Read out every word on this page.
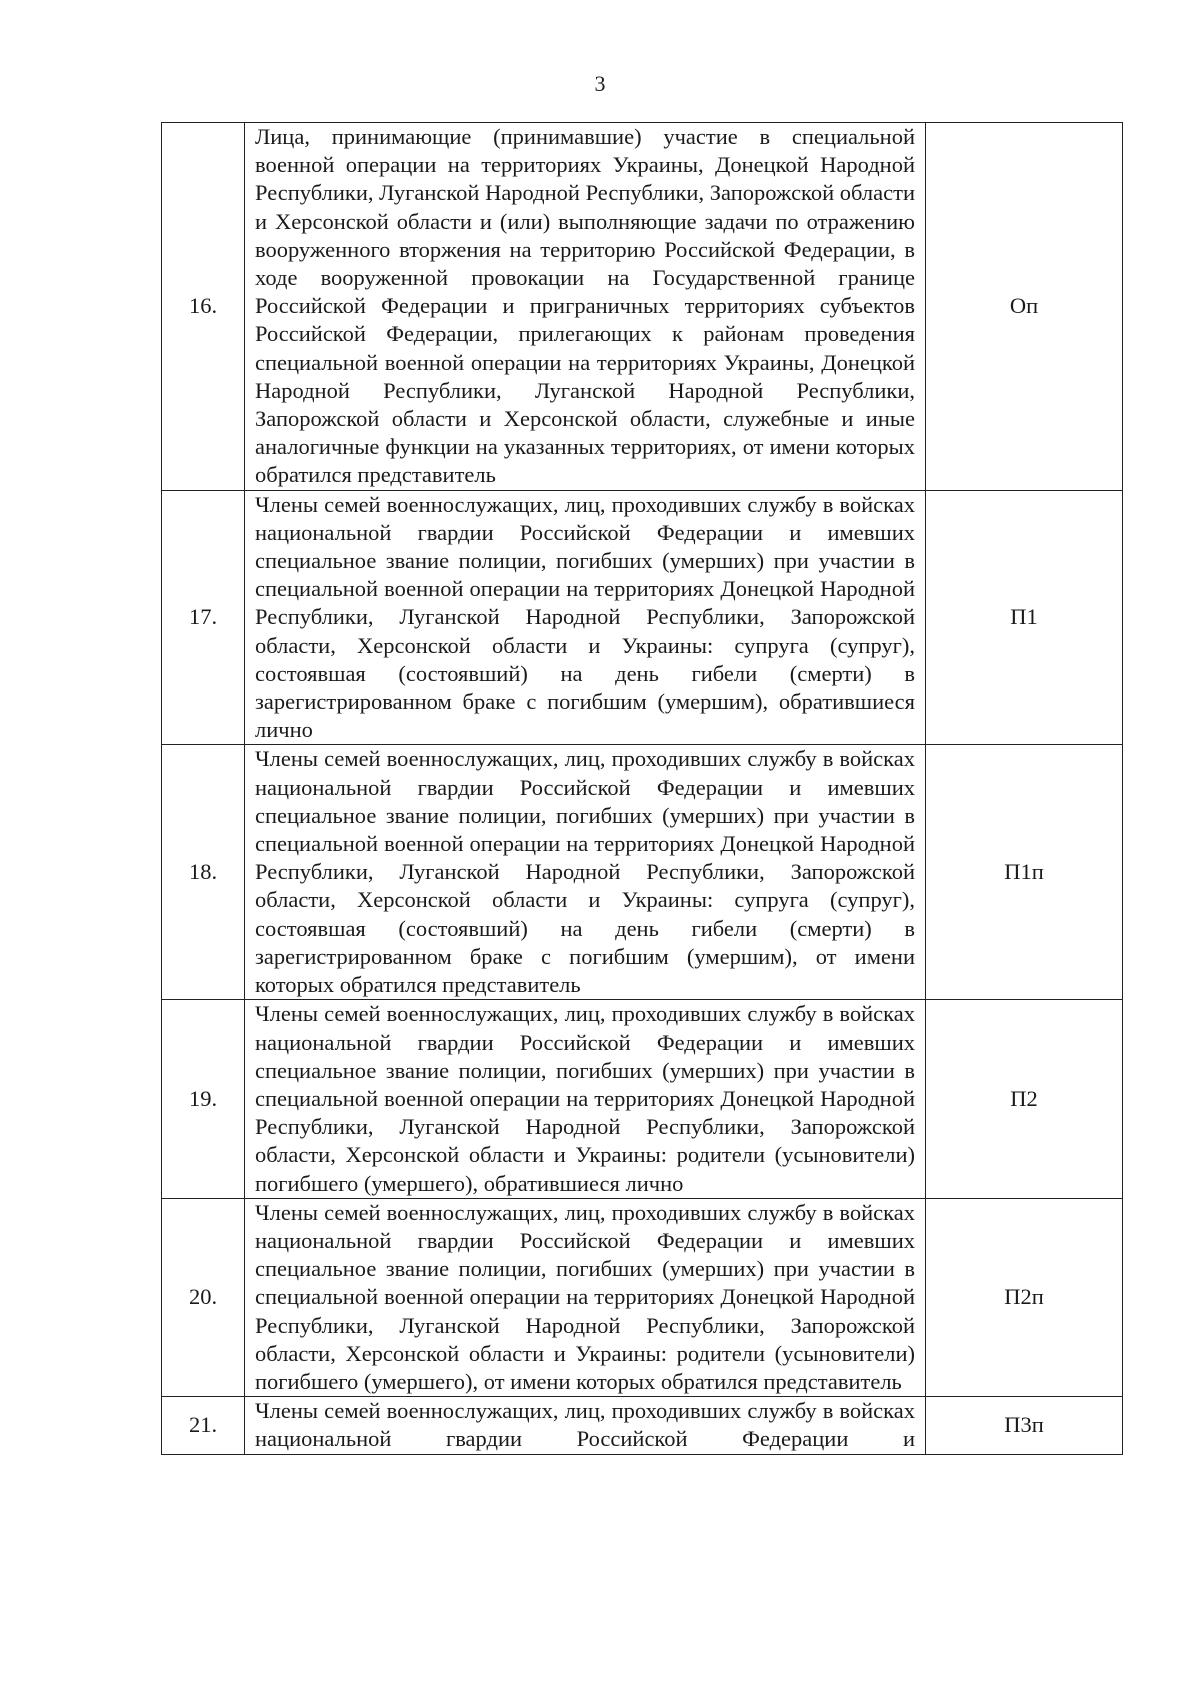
3
16.	Лица, принимающие (принимавшие) участие в специальной военной операции на территориях Украины, Донецкой Народной Республики, Луганской Народной Республики, Запорожской области и Херсонской области и (или) выполняющие задачи по отражению вооруженного вторжения на территорию Российской Федерации, в ходе вооруженной провокации на Государственной границе Российской Федерации и приграничных территориях субъектов Российской Федерации, прилегающих к районам проведения специальной военной операции на территориях Украины, Донецкой Народной Республики, Луганской Народной Республики, Запорожской области и Херсонской области, служебные и иные аналогичные функции на указанных территориях, от имени которых обратился представитель	Оп
17.	Члены семей военнослужащих, лиц, проходивших службу в войсках национальной гвардии Российской Федерации и имевших специальное звание полиции, погибших (умерших) при участии в специальной военной операции на территориях Донецкой Народной Республики, Луганской Народной Республики, Запорожской области, Херсонской области и Украины: супруга (супруг), состоявшая (состоявший) на день гибели (смерти) в зарегистрированном браке с погибшим (умершим), обратившиеся лично	П1
18.	Члены семей военнослужащих, лиц, проходивших службу в войсках национальной гвардии Российской Федерации и имевших специальное звание полиции, погибших (умерших) при участии в специальной военной операции на территориях Донецкой Народной Республики, Луганской Народной Республики, Запорожской области, Херсонской области и Украины: супруга (супруг), состоявшая (состоявший) на день гибели (смерти) в зарегистрированном браке с погибшим (умершим), от имени которых обратился представитель	П1п
19.	Члены семей военнослужащих, лиц, проходивших службу в войсках национальной гвардии Российской Федерации и имевших специальное звание полиции, погибших (умерших) при участии в специальной военной операции на территориях Донецкой Народной Республики, Луганской Народной Республики, Запорожской области, Херсонской области и Украины: родители (усыновители) погибшего (умершего), обратившиеся лично	П2
20.	Члены семей военнослужащих, лиц, проходивших службу в войсках национальной гвардии Российской Федерации и имевших специальное звание полиции, погибших (умерших) при участии в специальной военной операции на территориях Донецкой Народной Республики, Луганской Народной Республики, Запорожской области, Херсонской области и Украины: родители (усыновители) погибшего (умершего), от имени которых обратился представитель	П2п
21.	Члены семей военнослужащих, лиц, проходивших службу в войсках национальной гвардии Российской Федерации и	П3п
